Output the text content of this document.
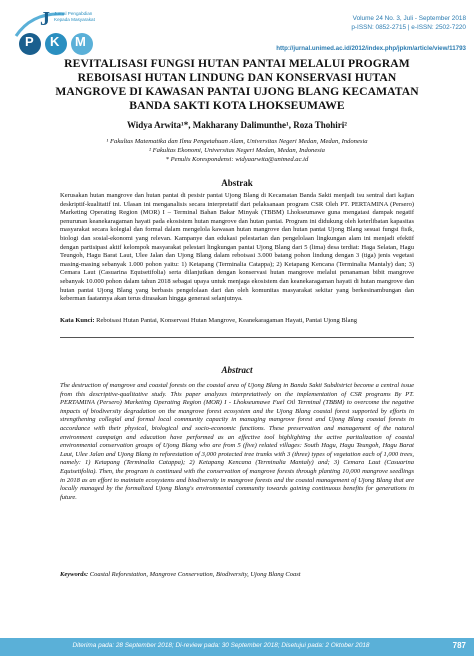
J Jurnal Pengabdian
Kepada Masyarakat
P K M
Volume 24 No. 3, Juli - September 2018
p-ISSN: 0852-2715 | e-ISSN: 2502-7220
http://jurnal.unimed.ac.id/2012/index.php/jpkm/article/view/11793
REVITALISASI FUNGSI HUTAN PANTAI MELALUI PROGRAM
REBOISASI HUTAN LINDUNG DAN KONSERVASI HUTAN
MANGROVE DI KAWASAN PANTAI UJONG BLANG KECAMATAN
BANDA SAKTI KOTA LHOKSEUMAWE
Widya Arwita¹*, Makharany Dalimunthe¹, Roza Thohiri²
¹ Fakultas Matematika dan Ilmu Pengetahuan Alam, Universitas Negeri Medan, Medan, Indonesia
² Fakultas Ekonomi, Universitas Negeri Medan, Medan, Indonesia
* Penulis Korespondensi: widyaarwita@unimed.ac.id
Abstrak
Kerusakan hutan mangrove dan hutan pantai di pesisir pantai Ujong Blang di Kecamatan Banda Sakti menjadi isu sentral dari kajian deskriptif-kualitatif ini. Ulasan ini menganalisis secara interpretatif dari pelaksanaan program CSR Oleh PT. PERTAMINA (Persero) Marketing Operating Region (MOR) I – Terminal Bahan Bakar Minyak (TBBM) Lhokseumawe guna mengatasi dampak negatif penurunan keanekaragaman hayati pada ekosistem hutan mangrove dan hutan pantai. Program ini didukung oleh keterlibatan kapasitas masyarakat secara kolegial dan formal dalam mengelola kawasan hutan mangrove dan hutan pantai Ujong Blang sesuai fungsi fisik, biologi dan sosial-ekonomi yang relevan. Kampanye dan edukasi pelestarian dan pengelolaan lingkungan alam ini menjadi efektif dengan partisipasi aktif kelompok masyarakat pelestari lingkungan pantai Ujong Blang dari 5 (lima) desa terdiat: Haga Selatan, Hagu Teungoh, Hagu Barat Laut, Ulee Jalan dan Ujong Blang dalam reboisasi 3.000 batang pohon lindung dengan 3 (tiga) jenis vegetasi masing-masing sebanyak 1.000 pohon yaitu: 1) Ketapang (Terminalia Catappa); 2) Ketapang Kencana (Terminalia Mantaly) dan; 3) Cemara Laut (Casuarina Equisetifolia) serta dilanjutkan dengan konservasi hutan mangrove melalui penanaman bibit mangrove sebanyak 10.000 pohon dalam tahun 2018 sebagai upaya untuk menjaga ekosistem dan keanekaragaman hayati di hutan mangrove dan hutan pantai Ujong Blang yang berbasis pengelolaan dari dan oleh komunitas masyarakat sekitar yang berkesinambungan dan keberman faatannya akan terus dirasakan hingga generasi selanjutnya.
Kata Kunci: Reboisasi Hutan Pantai, Konservasi Hutan Mangrove, Keanekaragaman Hayati, Pantai Ujong Blang
Abstract
The destruction of mangrove and coastal forests on the coastal area of Ujong Blang in Banda Sakti Subdistrict become a central issue from this descriptive-qualitative study. This paper analyzes interpretatively on the implementation of CSR programs By PT. PERTAMINA (Persero) Marketing Operating Region (MOR) I - Lhokseumawe Fuel Oil Terminal (TBBM) to overcome the negative impacts of biodiversity degradation on the mangrove forest ecosystem and the Ujong Blang coastal forest supported by efforts in strengthening collegial and formal local community capacity in managing mangrove forest and Ujong Blang coastal forests in accordance with their physical, biological and socio-economic functions. These preservation and management of the natural environment campaign and education have performed as an effective tool highlighting the active paritalization of coastal environmental conservation groups of Ujong Blang who are from 5 (five) related villages: South Hagu, Hagu Teungoh, Hagu Barat Laut, Ulee Jalan and Ujong Blang in reforestation of 3,000 protected tree trunks with 3 (three) types of vegetation each of 1,000 trees, namely: 1) Ketapang (Terminalia Catappa); 2) Ketapang Kencana (Terminalia Mantaly) and; 3) Cemara Laut (Casuarina Equisetifolia). Then, the program is continued with the conservation of mangrove forests through planting 10,000 mangrove seedlings in 2018 as an effort to maintain ecosystems and biodiversity in mangrove forests and the coastal management of Ujong Blang that are locally managed by the formalized Ujong Blang's environmental community towards gaining continuous benefits for generations in future.
Keywords: Coastal Reforestation, Mangrove Conservation, Biodiversity, Ujong Blang Coast
Diterima pada: 28 September 2018; Di-review pada: 30 September 2018; Disetujui pada: 2 Oktober 2018	787
